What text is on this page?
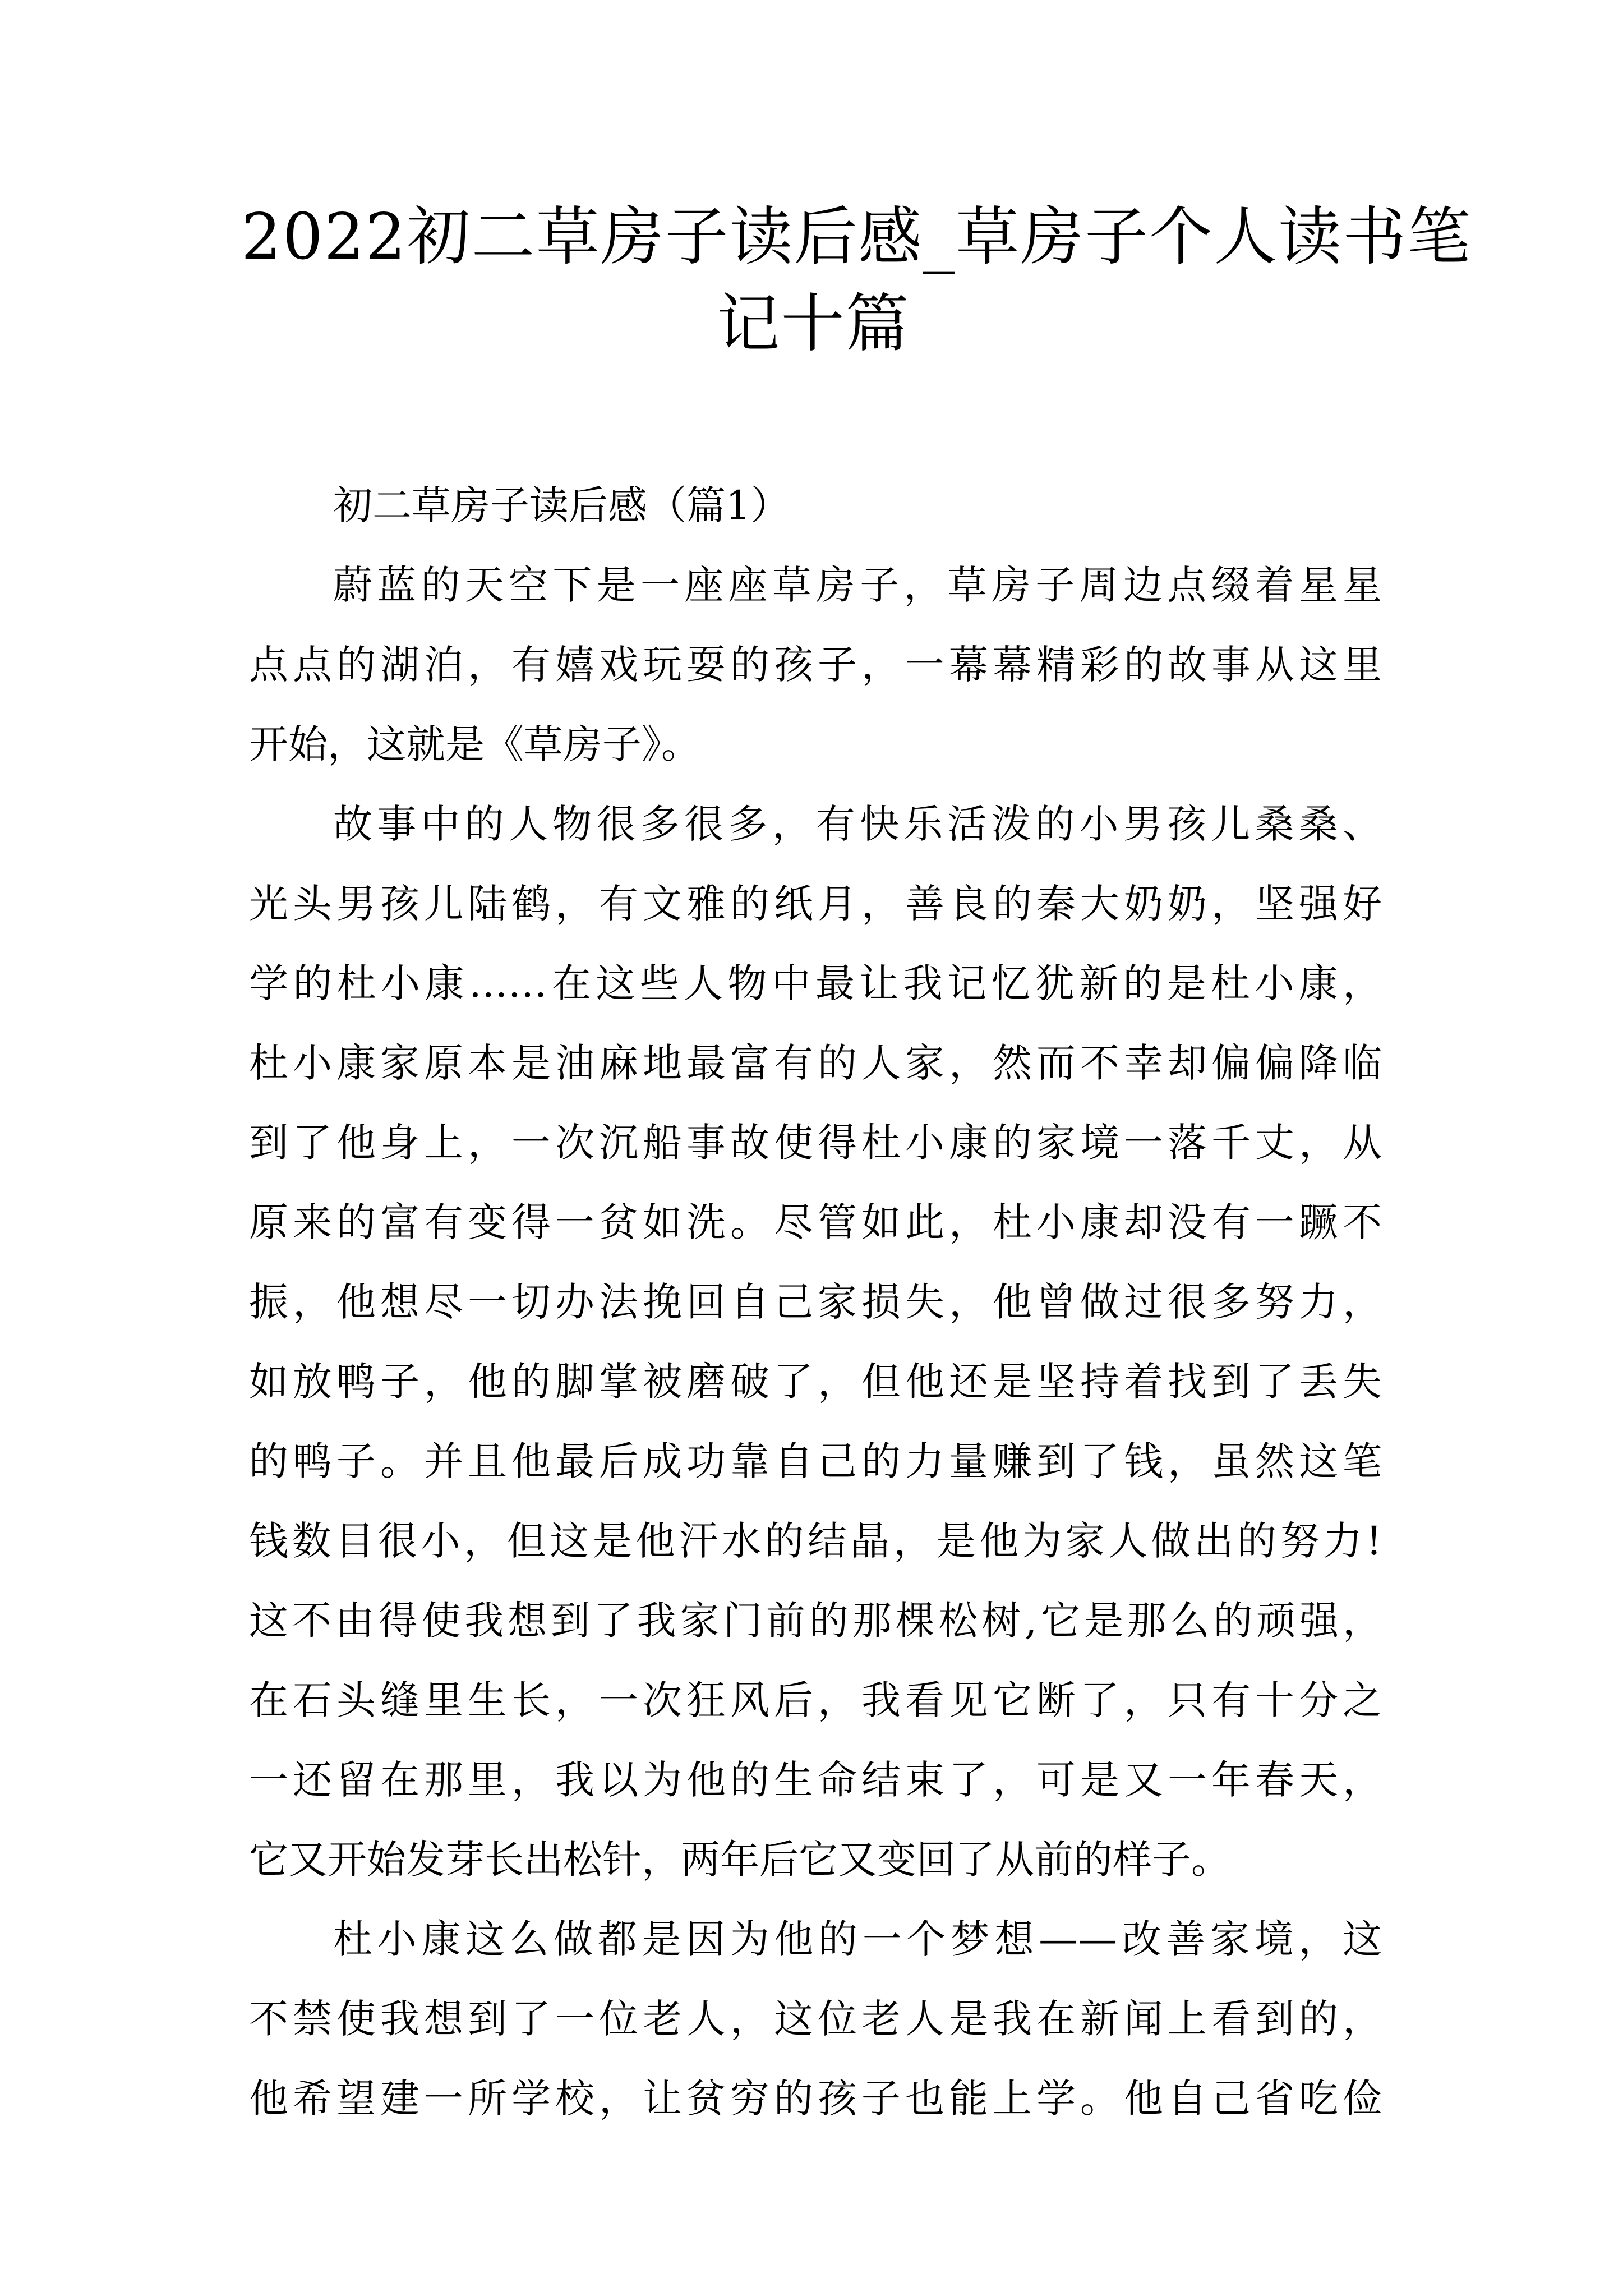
2022初二草房子读后感_草房子个人读书笔
记十篇

初二草房子读后感（篇1）

蔚蓝的天空下是一座座草房子，草房子周边点缀着星星
点点的湖泊，有嬉戏玩耍的孩子，一幕幕精彩的故事从这里
开始，这就是《草房子》。

故事中的人物很多很多，有快乐活泼的小男孩儿桑桑、
光头男孩儿陆鹤，有文雅的纸月，善良的秦大奶奶，坚强好
学的杜小康……在这些人物中最让我记忆犹新的是杜小康，
杜小康家原本是油麻地最富有的人家，然而不幸却偏偏降临
到了他身上，一次沉船事故使得杜小康的家境一落千丈，从
原来的富有变得一贫如洗。尽管如此，杜小康却没有一蹶不
振，他想尽一切办法挽回自己家损失，他曾做过很多努力，
如放鸭子，他的脚掌被磨破了，但他还是坚持着找到了丢失
的鸭子。并且他最后成功靠自己的力量赚到了钱，虽然这笔
钱数目很小，但这是他汗水的结晶，是他为家人做出的努力!
这不由得使我想到了我家门前的那棵松树,它是那么的顽强，
在石头缝里生长，一次狂风后，我看见它断了，只有十分之
一还留在那里，我以为他的生命结束了，可是又一年春天，
它又开始发芽长出松针，两年后它又变回了从前的样子。

杜小康这么做都是因为他的一个梦想——改善家境，这
不禁使我想到了一位老人，这位老人是我在新闻上看到的，
他希望建一所学校，让贫穷的孩子也能上学。他自己省吃俭
